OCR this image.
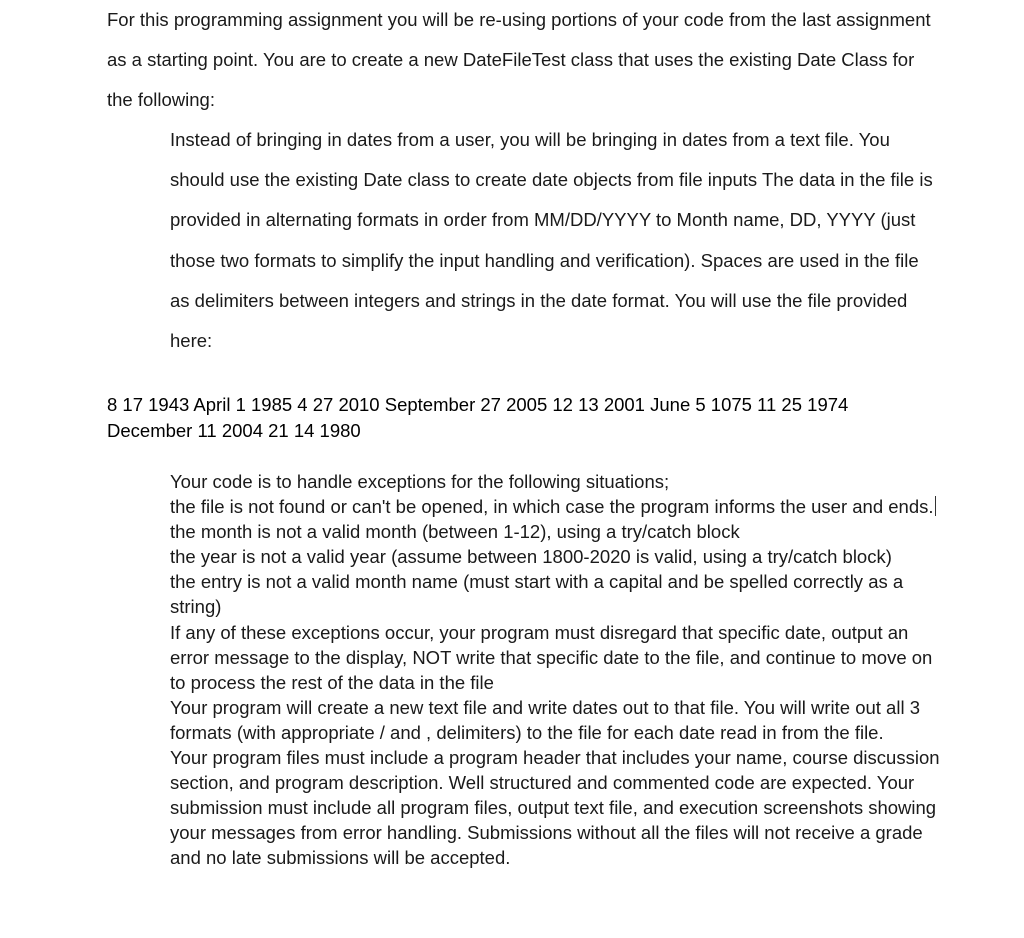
For this programming assignment you will be re-using portions of your code from the last assignment as a starting point. You are to create a new DateFileTest class that uses the existing Date Class for the following:

Instead of bringing in dates from a user, you will be bringing in dates from a text file. You should use the existing Date class to create date objects from file inputs The data in the file is provided in alternating formats in order from MM/DD/YYYY to Month name, DD, YYYY (just those two formats to simplify the input handling and verification). Spaces are used in the file as delimiters between integers and strings in the date format. You will use the file provided here:

8 17 1943 April 1 1985 4 27 2010 September 27 2005 12 13 2001 June 5 1075 11 25 1974 December 11 2004 21 14 1980

Your code is to handle exceptions for the following situations;
the file is not found or can't be opened, in which case the program informs the user and ends.
the month is not a valid month (between 1-12), using a try/catch block
the year is not a valid year (assume between 1800-2020 is valid, using a try/catch block)
the entry is not a valid month name (must start with a capital and be spelled correctly as a string)
If any of these exceptions occur, your program must disregard that specific date, output an error message to the display, NOT write that specific date to the file, and continue to move on to process the rest of the data in the file
Your program will create a new text file and write dates out to that file. You will write out all 3 formats (with appropriate / and , delimiters) to the file for each date read in from the file.
Your program files must include a program header that includes your name, course discussion section, and program description. Well structured and commented code are expected. Your submission must include all program files, output text file, and execution screenshots showing your messages from error handling. Submissions without all the files will not receive a grade and no late submissions will be accepted.
